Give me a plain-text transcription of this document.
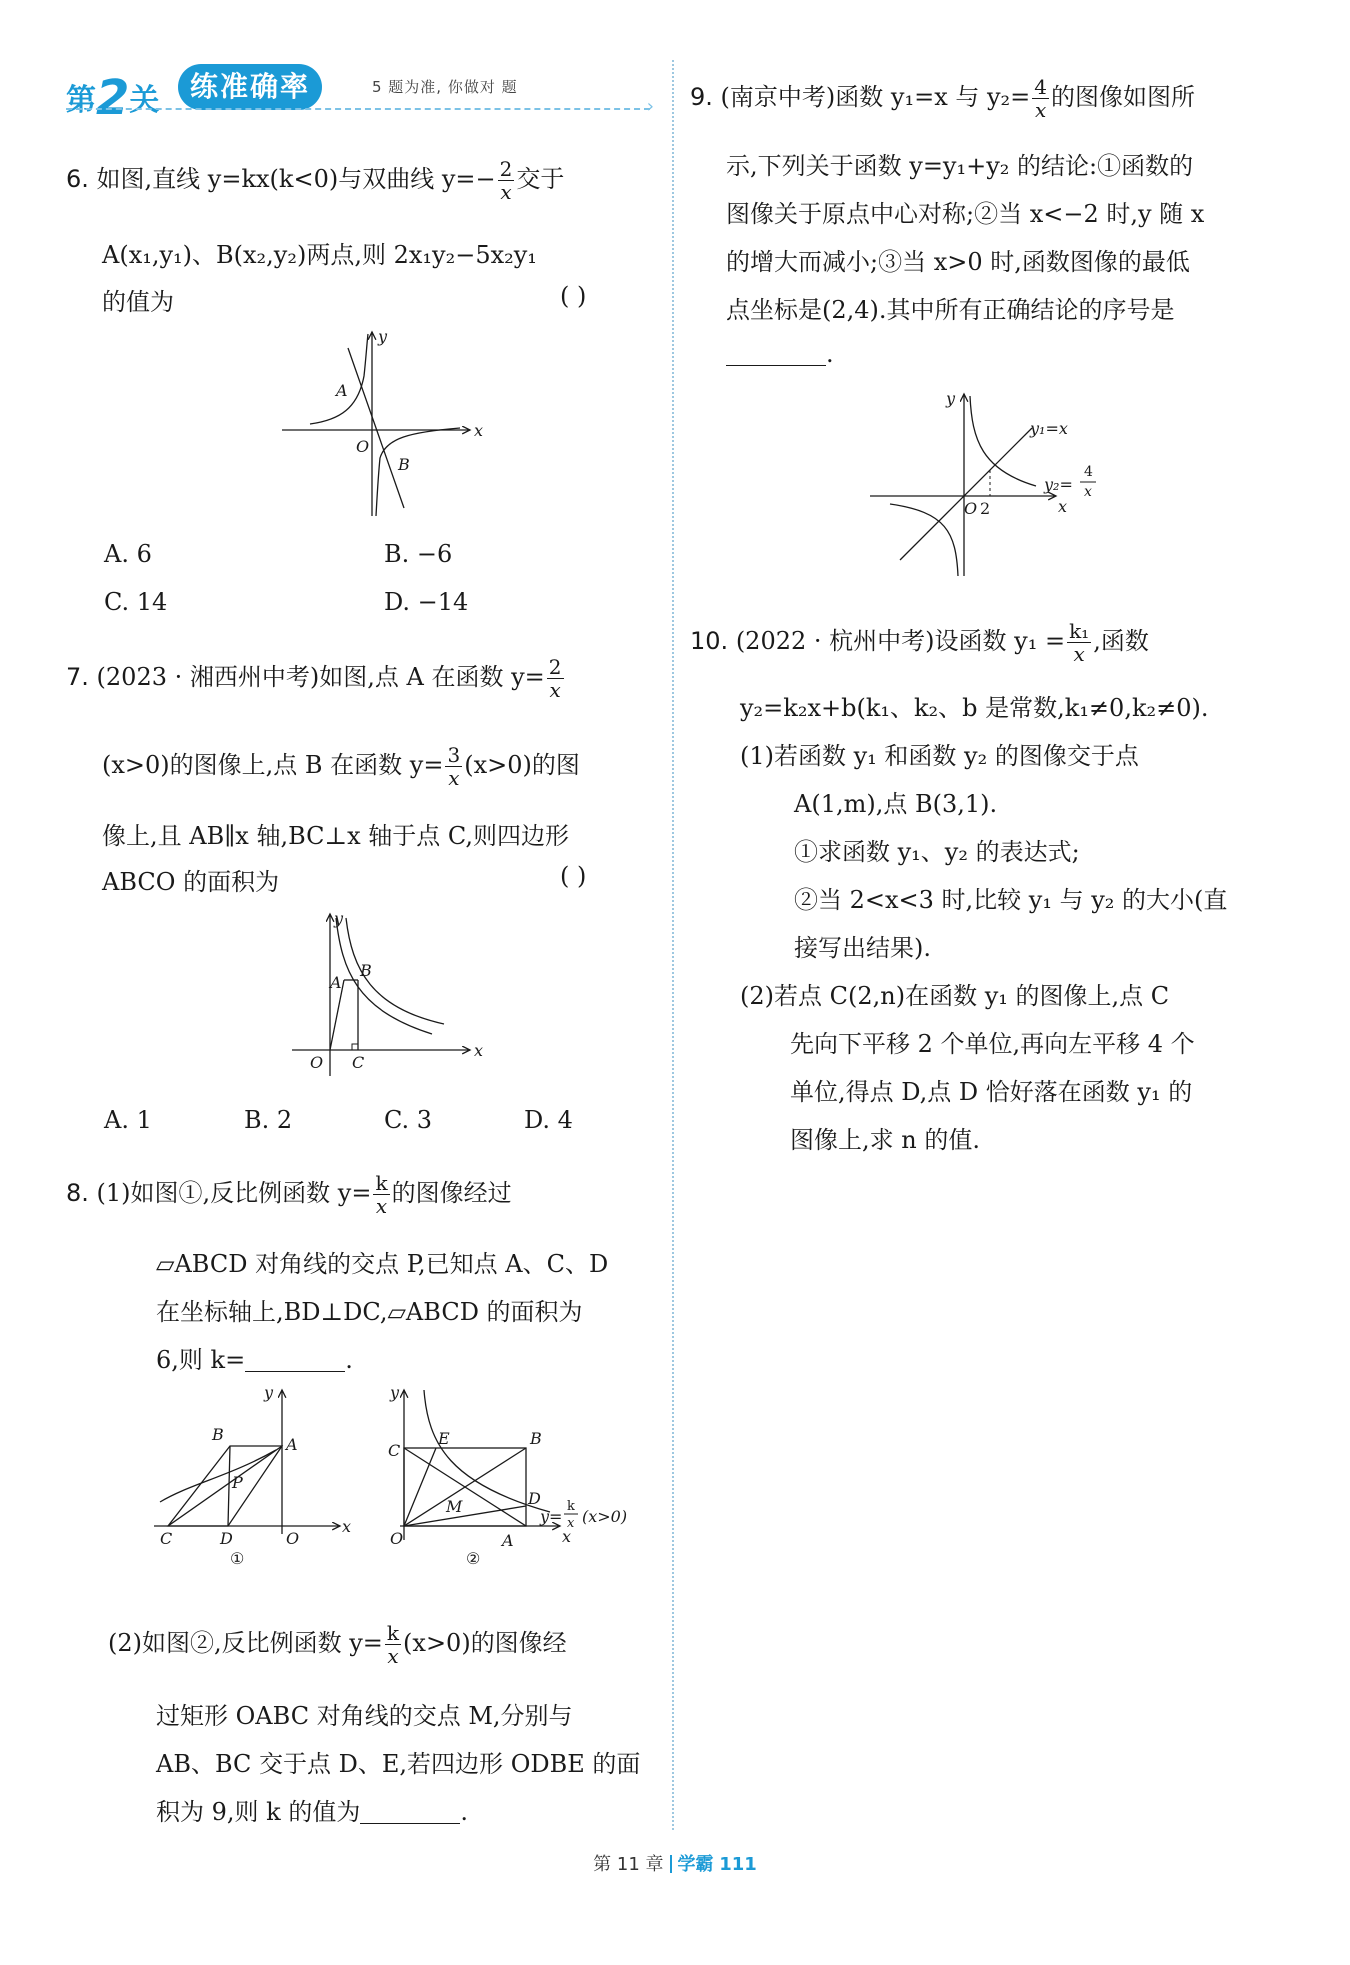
第2关	练准确率	5 题为准, 你做对 题
›
6. 如图,直线 y=kx(k<0)与双曲线 $y=- \frac{2}{x}$ 交于
A(x₁,y₁)、B(x₂,y₂)两点,则 2x₁y₂−5x₂y₁
的值为	( )
x
y
O
A
B
A. 6	B. −6
C. 14	D. −14
7. (2023 · 湘西州中考)如图,点 A 在函数 $y= \frac{2}{x}$
(x>0)的图像上,点 B 在函数 $y= \frac{3}{x} (x>0)$的图
像上,且 AB∥x 轴,BC⊥x 轴于点 C,则四边形
ABCO 的面积为	( )
x
y
O
A
B
C
A. 1	B. 2	C. 3	D. 4
8. (1)如图①,反比例函数 $y= \frac{k}{x}$ 的图像经过
▱ABCD 对角线的交点 P,已知点 A、C、D
在坐标轴上,BD⊥DC,▱ABCD 的面积为
6,则 k=	.
x
y
O
A
B
C	D
P
①
x
y
O	A
B
C
D
E
M
y=
k
x (x>0)
②
(2)如图②,反比例函数 $y= \frac{k}{x} (x>0)$的图像经
过矩形 OABC 对角线的交点 M,分别与
AB、BC 交于点 D、E,若四边形 ODBE 的面
积为 9,则 k 的值为	.
9. (南京中考)函数 y₁=x 与 $y_2= \frac{4}{x}$ 的图像如图所
示,下列关于函数 y=y₁+y₂ 的结论:①函数的
图像关于原点中心对称;②当 x<−2 时,y 随 x
的增大而减小;③当 x>0 时,函数图像的最低
点坐标是(2,4).其中所有正确结论的序号是
.
x
y
O 2
y₁=x
y₂=
4
x
10. (2022 · 杭州中考)设函数 $y_1 = \frac{\text{k₁}}{x}$ ,函数
y₂=k₂x+b(k₁、k₂、b 是常数,k₁≠0,k₂≠0).
(1)若函数 y₁ 和函数 y₂ 的图像交于点
A(1,m),点 B(3,1).
①求函数 y₁、y₂ 的表达式;
②当 2<x<3 时,比较 y₁ 与 y₂ 的大小(直
接写出结果).
(2)若点 C(2,n)在函数 y₁ 的图像上,点 C
先向下平移 2 个单位,再向左平移 4 个
单位,得点 D,点 D 恰好落在函数 y₁ 的
图像上,求 n 的值.
第 11 章 学霸 111
